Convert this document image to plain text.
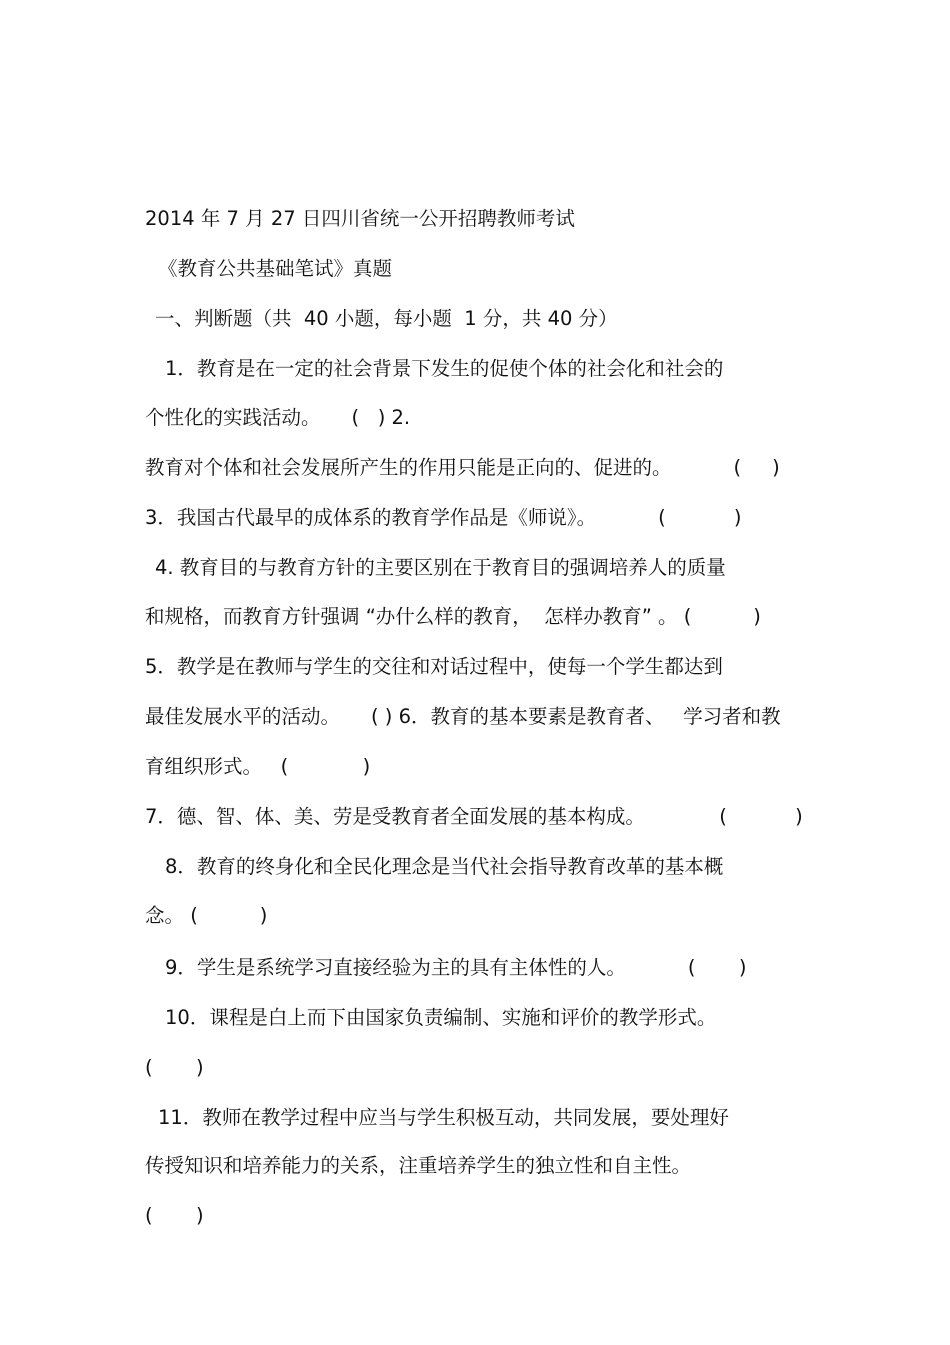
2014 年 7 月 27 日四川省统一公开招聘教师考试
《教育公共基础笔试》真题
一、判断题（共  40 小题，每小题  1 分，共 40 分）
1．教育是在一定的社会背景下发生的促使个体的社会化和社会的
个性化的实践活动。     (   ) 2.
教育对个体和社会发展所产生的作用只能是正向的、促进的。          (     )
3．我国古代最早的成体系的教育学作品是《师说》。          (           )
4. 教育目的与教育方针的主要区别在于教育目的强调培养人的质量
和规格，而教育方针强调 “办什么样的教育，  怎样办教育” 。 (          )
5．教学是在教师与学生的交往和对话过程中，使每一个学生都达到
最佳发展水平的活动。     ( ) 6．教育的基本要素是教育者、   学习者和教
育组织形式。   (            )
7．德、智、体、美、劳是受教育者全面发展的基本构成。            (           )
8．教育的终身化和全民化理念是当代社会指导教育改革的基本概
念。 (          )
9．学生是系统学习直接经验为主的具有主体性的人。          (       )
10．课程是白上而下由国家负责编制、实施和评价的教学形式。
(       )
11．教师在教学过程中应当与学生积极互动，共同发展，要处理好
传授知识和培养能力的关系，注重培养学生的独立性和自主性。
(       )
